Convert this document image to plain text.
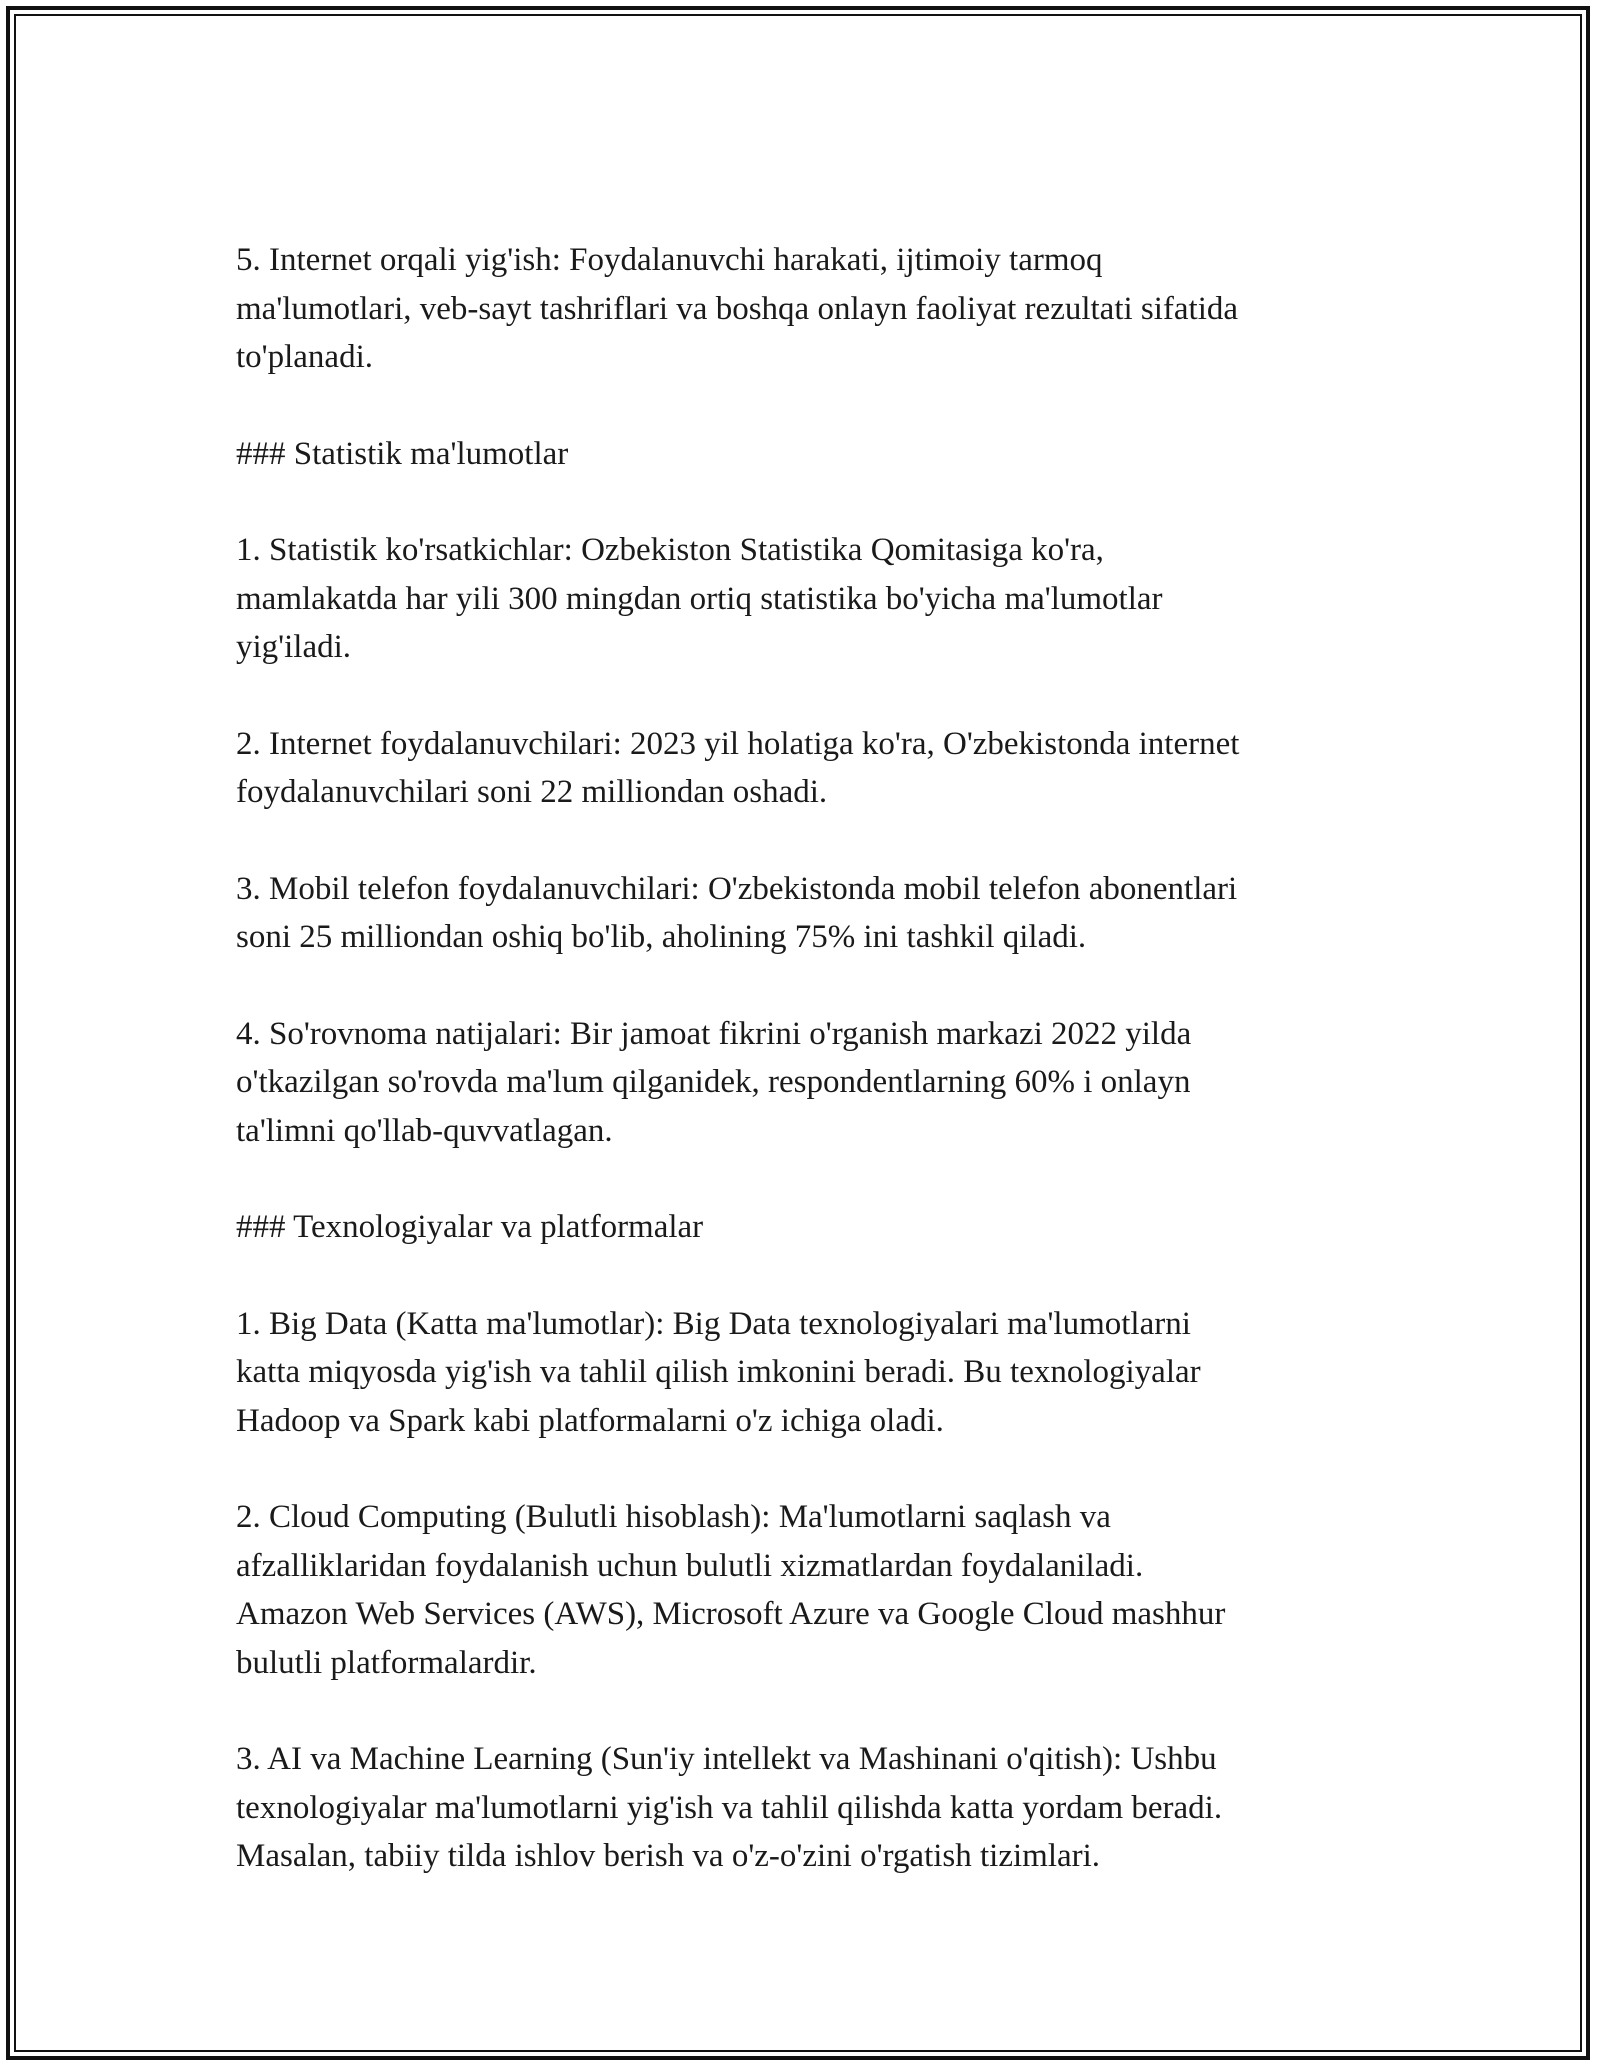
5. Internet orqali yig'ish: Foydalanuvchi harakati, ijtimoiy tarmoq
ma'lumotlari, veb-sayt tashriflari va boshqa onlayn faoliyat rezultati sifatida
to'planadi.

### Statistik ma'lumotlar

1. Statistik ko'rsatkichlar: Ozbekiston Statistika Qomitasiga ko'ra,
mamlakatda har yili 300 mingdan ortiq statistika bo'yicha ma'lumotlar
yig'iladi.

2. Internet foydalanuvchilari: 2023 yil holatiga ko'ra, O'zbekistonda internet
foydalanuvchilari soni 22 milliondan oshadi.

3. Mobil telefon foydalanuvchilari: O'zbekistonda mobil telefon abonentlari
soni 25 milliondan oshiq bo'lib, aholining 75% ini tashkil qiladi.

4. So'rovnoma natijalari: Bir jamoat fikrini o'rganish markazi 2022 yilda
o'tkazilgan so'rovda ma'lum qilganidek, respondentlarning 60% i onlayn
ta'limni qo'llab-quvvatlagan.

### Texnologiyalar va platformalar

1. Big Data (Katta ma'lumotlar): Big Data texnologiyalari ma'lumotlarni
katta miqyosda yig'ish va tahlil qilish imkonini beradi. Bu texnologiyalar
Hadoop va Spark kabi platformalarni o'z ichiga oladi.

2. Cloud Computing (Bulutli hisoblash): Ma'lumotlarni saqlash va
afzalliklaridan foydalanish uchun bulutli xizmatlardan foydalaniladi.
Amazon Web Services (AWS), Microsoft Azure va Google Cloud mashhur
bulutli platformalardir.

3. AI va Machine Learning (Sun'iy intellekt va Mashinani o'qitish): Ushbu
texnologiyalar ma'lumotlarni yig'ish va tahlil qilishda katta yordam beradi.
Masalan, tabiiy tilda ishlov berish va o'z-o'zini o'rgatish tizimlari.
